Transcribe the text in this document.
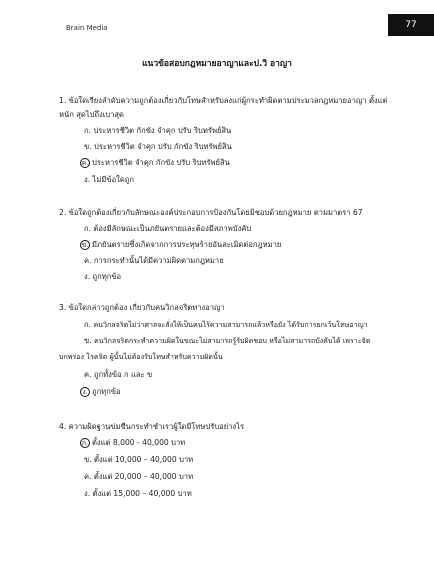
Brain Media	77
แนวข้อสอบกฎหมายอาญาและป.วิ อาญา
1. ข้อใดเรียงลำดับความถูกต้องเกี่ยวกับโทษสำหรับลงแก่ผู้กระทำผิดตามประมวลกฎหมายอาญา ตั้งแต่
หนัก สุดไปถึงเบาสุด
ก.
ประหารชีวิต กักขัง จำคุก ปรับ ริบทรัพย์สิน
ข.
ประหารชีวิต จำคุก ปรับ กักขัง ริบทรัพย์สิน
ค. ประหารชีวิต จำคุก กักขัง ปรับ ริบทรัพย์สิน
ง.
ไม่มีข้อใดถูก
2. ข้อใดถูกต้องเกี่ยวกับลักษณะองค์ประกอบการป้องกันโดยมิชอบด้วยกฎหมาย ตามมาตรา 67
ก.
ต้องมีลักษณะเป็นภยันตรายและต้องมีสภาพบังคับ
ข. มีภยันตรายซึ่งเกิดจากการประทุษร้ายอันละเมิดต่อกฎหมาย
ค.
การกระทำนั้นได้มีความผิดตามกฎหมาย
ง.
ถูกทุกข้อ
3. ข้อใดกล่าวถูกต้อง เกี่ยวกับคนวิกลจริตทางอาญา
ก.
คนวิกลจริตไม่ว่าศาลจะสั่งให้เป็นคนไร้ความสามารถแล้วหรือยัง ได้รับการยกเว้นโทษอาญา
ข.
คนวิกลจริตกระทำความผิดในขณะไม่สามารถรู้รับผิดชอบ หรือไม่สามารถบังคับได้ เพราะจิต
บกพร่อง โรคจิต ผู้นั้นไม่ต้องรับโทษสำหรับความผิดนั้น
ค.
ถูกทั้งข้อ ก และ ข
ง. ถูกทุกข้อ
4. ความผิดฐานข่มขืนกระทำชำเราผู้ใดมีโทษปรับอย่างไร
ก. ตั้งแต่ 8,000 - 40,000 บาท
ข.
ตั้งแต่ 10,000 – 40,000 บาท
ค.
ตั้งแต่ 20,000 – 40,000 บาท
ง.
ตั้งแต่ 15,000 – 40,000 บาท
